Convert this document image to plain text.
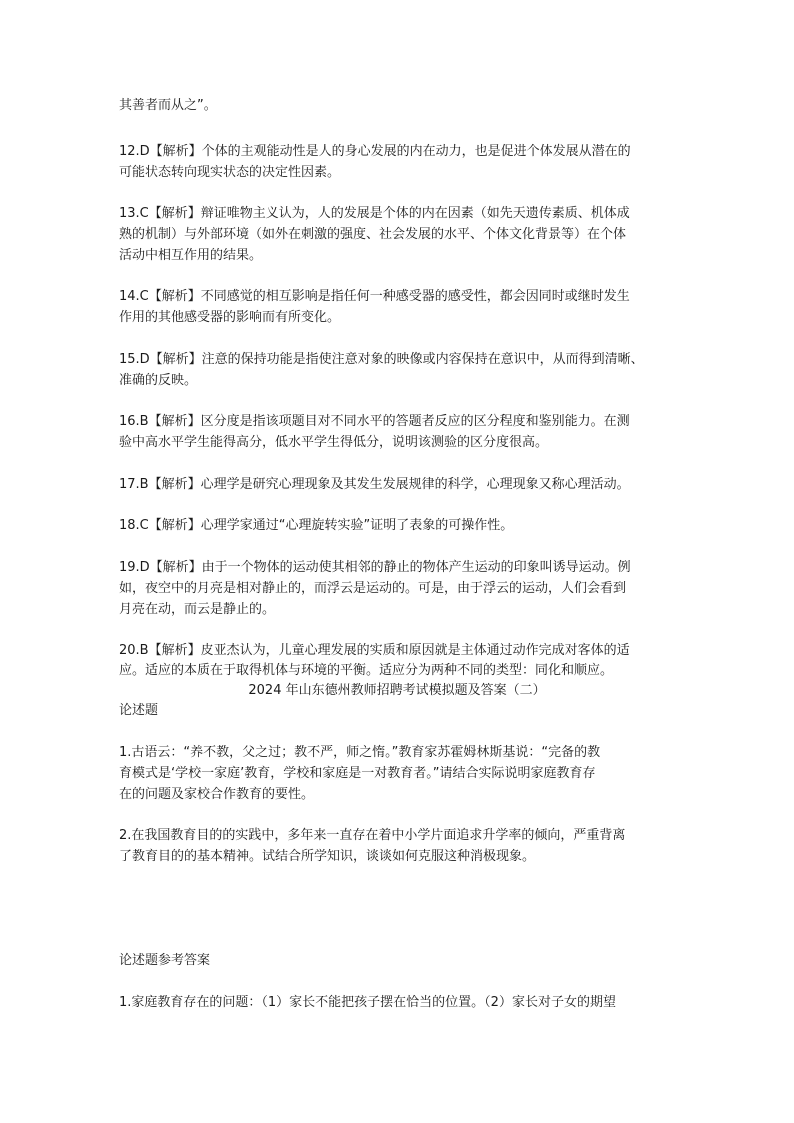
其善者而从之”。
12.D【解析】个体的主观能动性是人的身心发展的内在动力，也是促进个体发展从潜在的
可能状态转向现实状态的决定性因素。
13.C【解析】辩证唯物主义认为，人的发展是个体的内在因素（如先天遗传素质、机体成
熟的机制）与外部环境（如外在刺激的强度、社会发展的水平、个体文化背景等）在个体
活动中相互作用的结果。
14.C【解析】不同感觉的相互影响是指任何一种感受器的感受性，都会因同时或继时发生
作用的其他感受器的影响而有所变化。
15.D【解析】注意的保持功能是指使注意对象的映像或内容保持在意识中，从而得到清晰、
准确的反映。
16.B【解析】区分度是指该项题目对不同水平的答题者反应的区分程度和鉴别能力。在测
验中高水平学生能得高分，低水平学生得低分，说明该测验的区分度很高。
17.B【解析】心理学是研究心理现象及其发生发展规律的科学，心理现象又称心理活动。
18.C【解析】心理学家通过“心理旋转实验”证明了表象的可操作性。
19.D【解析】由于一个物体的运动使其相邻的静止的物体产生运动的印象叫诱导运动。例
如，夜空中的月亮是相对静止的，而浮云是运动的。可是，由于浮云的运动，人们会看到
月亮在动，而云是静止的。
20.B【解析】皮亚杰认为，儿童心理发展的实质和原因就是主体通过动作完成对客体的适
应。适应的本质在于取得机体与环境的平衡。适应分为两种不同的类型：同化和顺应。
2024 年山东德州教师招聘考试模拟题及答案（二）
论述题
1.古语云：“养不教，父之过；教不严，师之惰。”教育家苏霍姆林斯基说：“完备的教
育模式是‘学校一家庭’教育，学校和家庭是一对教育者。”请结合实际说明家庭教育存
在的问题及家校合作教育的要性。
2.在我国教育目的的实践中，多年来一直存在着中小学片面追求升学率的倾向，严重背离
了教育目的的基本精神。试结合所学知识，谈谈如何克服这种消极现象。
论述题参考答案
1.家庭教育存在的问题：（1）家长不能把孩子摆在恰当的位置。（2）家长对子女的期望
